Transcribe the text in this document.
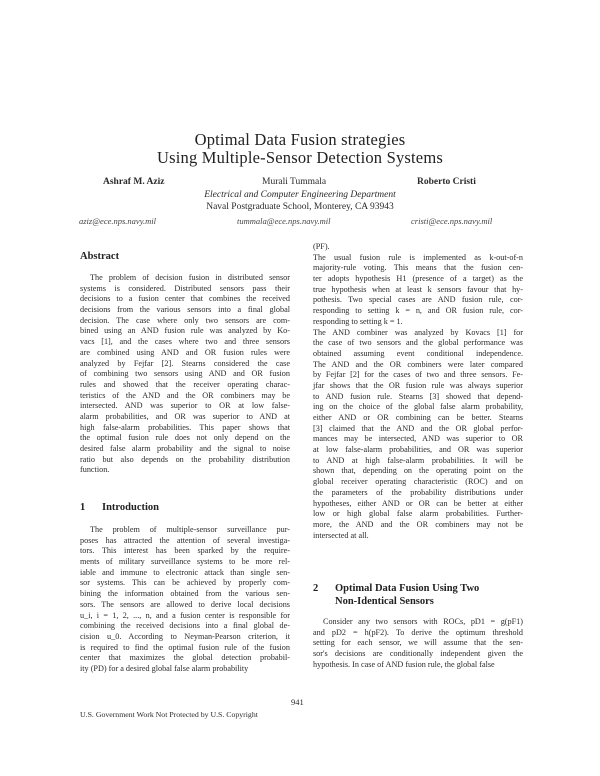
Optimal Data Fusion strategies
Using Multiple-Sensor Detection Systems
Ashraf M. Aziz	Murali Tummala	Roberto Cristi
Electrical and Computer Engineering Department
Naval Postgraduate School, Monterey, CA 93943
aziz@ece.nps.navy.mil	tummala@ece.nps.navy.mil	cristi@ece.nps.navy.mil
Abstract
The problem of decision fusion in distributed sensor
systems is considered. Distributed sensors pass their
decisions to a fusion center that combines the received
decisions from the various sensors into a final global
decision. The case where only two sensors are com-
bined using an AND fusion rule was analyzed by Ko-
vacs [1], and the cases where two and three sensors
are combined using AND and OR fusion rules were
analyzed by Fejfar [2]. Stearns considered the case
of combining two sensors using AND and OR fusion
rules and showed that the receiver operating charac-
teristics of the AND and the OR combiners may be
intersected. AND was superior to OR at low false-
alarm probabilities, and OR was superior to AND at
high false-alarm probabilities. This paper shows that
the optimal fusion rule does not only depend on the
desired false alarm probability and the signal to noise
ratio but also depends on the probability distribution
function.
1 Introduction
The problem of multiple-sensor surveillance pur-
poses has attracted the attention of several investiga-
tors. This interest has been sparked by the require-
ments of military surveillance systems to be more rel-
iable and immune to electronic attack than single sen-
sor systems. This can be achieved by properly com-
bining the information obtained from the various sen-
sors. The sensors are allowed to derive local decisions
u_i, i = 1, 2, ..., n, and a fusion center is responsible for
combining the received decisions into a final global de-
cision u_0. According to Neyman-Pearson criterion, it
is required to find the optimal fusion rule of the fusion
center that maximizes the global detection probabil-
ity (PD) for a desired global false alarm probability
(PF).
The usual fusion rule is implemented as k-out-of-n
majority-rule voting. This means that the fusion cen-
ter adopts hypothesis H1 (presence of a target) as the
true hypothesis when at least k sensors favour that hy-
pothesis. Two special cases are AND fusion rule, cor-
responding to setting k = n, and OR fusion rule, cor-
responding to setting k = 1.
The AND combiner was analyzed by Kovacs [1] for
the case of two sensors and the global performance was
obtained assuming event conditional independence.
The AND and the OR combiners were later compared
by Fejfar [2] for the cases of two and three sensors. Fe-
jfar shows that the OR fusion rule was always superior
to AND fusion rule. Stearns [3] showed that depend-
ing on the choice of the global false alarm probability,
either AND or OR combining can be better. Stearns
[3] claimed that the AND and the OR global perfor-
mances may be intersected, AND was superior to OR
at low false-alarm probabilities, and OR was superior
to AND at high false-alarm probabilities. It will be
shown that, depending on the operating point on the
global receiver operating characteristic (ROC) and on
the parameters of the probability distributions under
hypotheses, either AND or OR can be better at either
low or high global false alarm probabilities. Further-
more, the AND and the OR combiners may not be
intersected at all.
2 Optimal Data Fusion Using Two
Non-Identical Sensors
Consider any two sensors with ROCs, pD1 = g(pF1)
and pD2 = h(pF2). To derive the optimum threshold
setting for each sensor, we will assume that the sen-
sor's decisions are conditionally independent given the
hypothesis. In case of AND fusion rule, the global false
941
U.S. Government Work Not Protected by U.S. Copyright
